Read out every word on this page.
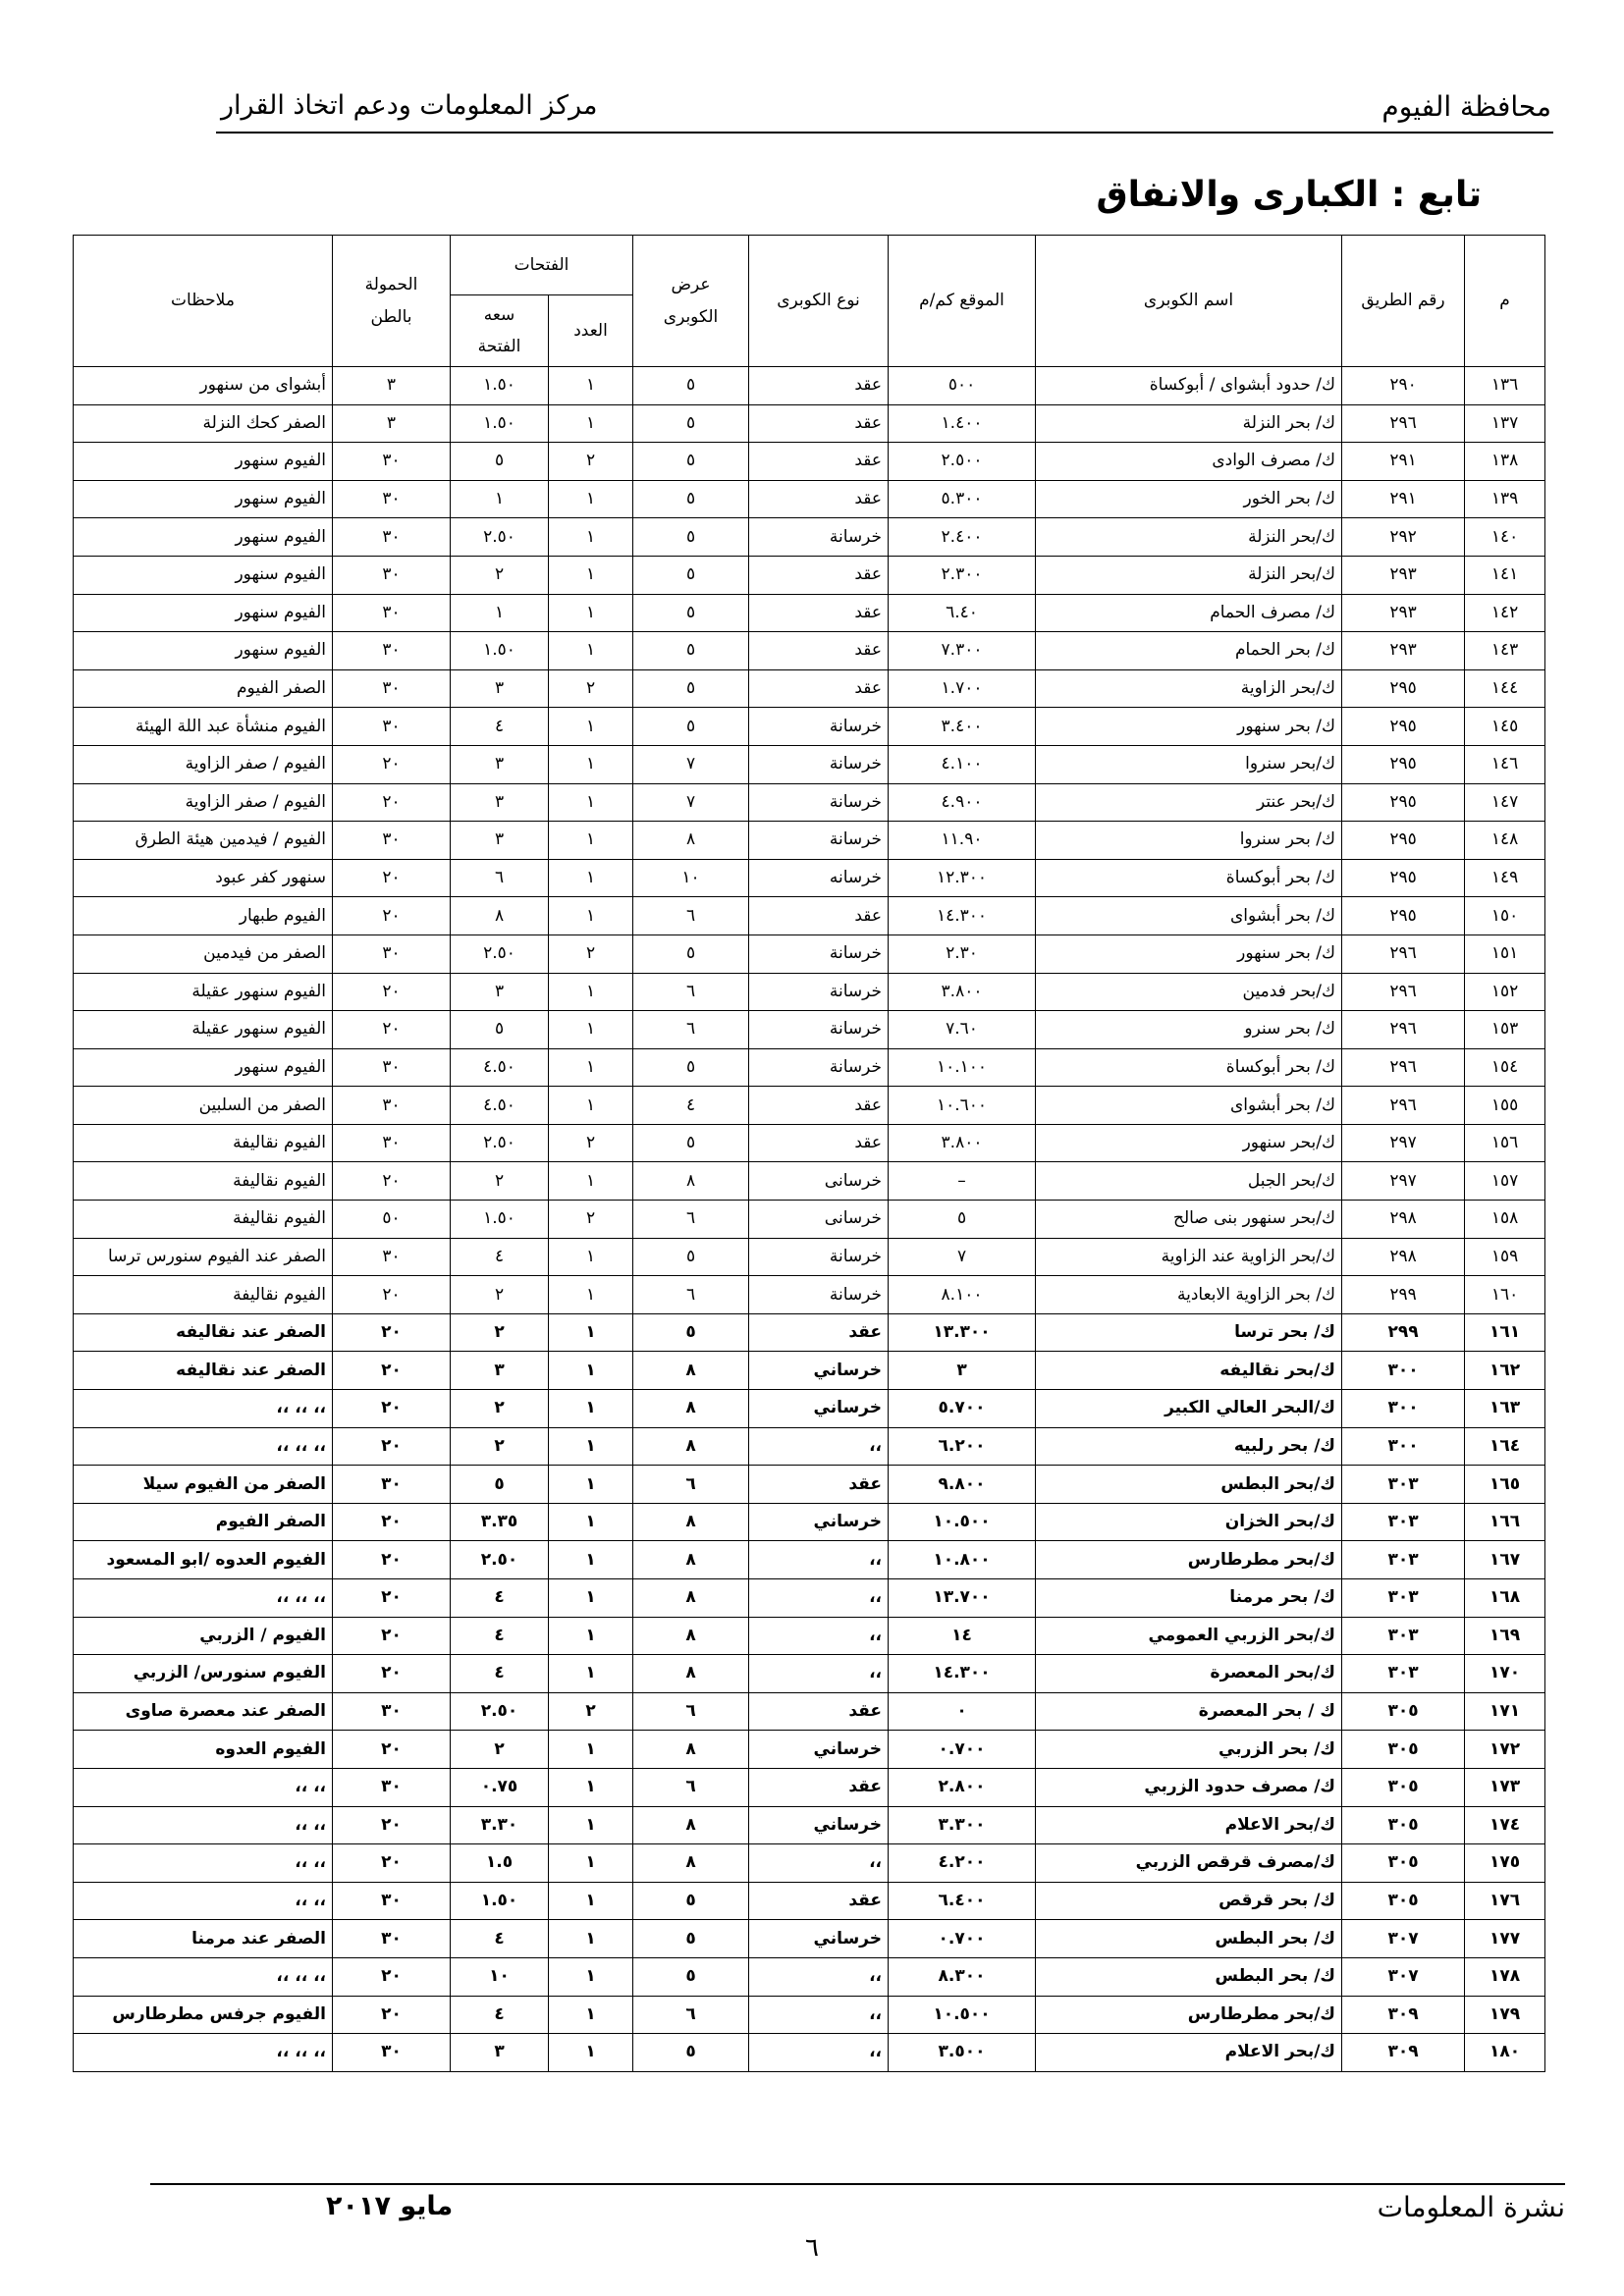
مركز المعلومات ودعم اتخاذ القرار	محافظة الفيوم
تابع : الكبارى والانفاق
م	رقم الطريق	اسم الكوبرى	الموقع كم/م	نوع الكوبرى	عرض الكوبرى	الفتحات		الحمولة بالطن	ملاحظات
						العدد	سعه الفتحة		

١٣٦	٢٩٠	ك/ حدود أبشواى / أبوكساة	٥٠٠	عقد	٥	١	١.٥٠	٣	أبشواى من سنهور
١٣٧	٢٩٦	ك/ بحر النزلة	١.٤٠٠	عقد	٥	١	١.٥٠	٣	الصفر كحك النزلة
١٣٨	٢٩١	ك/ مصرف الوادى	٢.٥٠٠	عقد	٥	٢	٥	٣٠	الفيوم سنهور
١٣٩	٢٩١	ك/ بحر الخور	٥.٣٠٠	عقد	٥	١	١	٣٠	الفيوم سنهور
١٤٠	٢٩٢	ك/بحر النزلة	٢.٤٠٠	خرسانة	٥	١	٢.٥٠	٣٠	الفيوم سنهور
١٤١	٢٩٣	ك/بحر النزلة	٢.٣٠٠	عقد	٥	١	٢	٣٠	الفيوم سنهور
١٤٢	٢٩٣	ك/ مصرف الحمام	٦.٤٠	عقد	٥	١	١	٣٠	الفيوم سنهور
١٤٣	٢٩٣	ك/ بحر الحمام	٧.٣٠٠	عقد	٥	١	١.٥٠	٣٠	الفيوم سنهور
١٤٤	٢٩٥	ك/بحر الزاوية	١.٧٠٠	عقد	٥	٢	٣	٣٠	الصفر الفيوم
١٤٥	٢٩٥	ك/ بحر سنهور	٣.٤٠٠	خرسانة	٥	١	٤	٣٠	الفيوم منشأة عبد اللة الهيئة
١٤٦	٢٩٥	ك/بحر سنروا	٤.١٠٠	خرسانة	٧	١	٣	٢٠	الفيوم / صفر الزاوية
١٤٧	٢٩٥	ك/بحر عنتر	٤.٩٠٠	خرسانة	٧	١	٣	٢٠	الفيوم / صفر الزاوية
١٤٨	٢٩٥	ك/ بحر سنروا	١١.٩٠	خرسانة	٨	١	٣	٣٠	الفيوم / فيدمين هيئة الطرق
١٤٩	٢٩٥	ك/ بحر أبوكساة	١٢.٣٠٠	خرسانه	١٠	١	٦	٢٠	سنهور كفر عبود
١٥٠	٢٩٥	ك/ بحر أبشواى	١٤.٣٠٠	عقد	٦	١	٨	٢٠	الفيوم طبهار
١٥١	٢٩٦	ك/ بحر سنهور	٢.٣٠	خرسانة	٥	٢	٢.٥٠	٣٠	الصفر من فيدمين
١٥٢	٢٩٦	ك/بحر فدمين	٣.٨٠٠	خرسانة	٦	١	٣	٢٠	الفيوم سنهور عقيلة
١٥٣	٢٩٦	ك/ بحر سنرو	٧.٦٠	خرسانة	٦	١	٥	٢٠	الفيوم سنهور عقيلة
١٥٤	٢٩٦	ك/ بحر أبوكساة	١٠.١٠٠	خرسانة	٥	١	٤.٥٠	٣٠	الفيوم سنهور
١٥٥	٢٩٦	ك/ بحر أبشواى	١٠.٦٠٠	عقد	٤	١	٤.٥٠	٣٠	الصفر من السلبين
١٥٦	٢٩٧	ك/بحر سنهور	٣.٨٠٠	عقد	٥	٢	٢.٥٠	٣٠	الفيوم نقاليفة
١٥٧	٢٩٧	ك/بحر الجبل	–	خرسانى	٨	١	٢	٢٠	الفيوم نقاليفة
١٥٨	٢٩٨	ك/بحر سنهور بنى صالح	٥	خرسانى	٦	٢	١.٥٠	٥٠	الفيوم نقاليفة
١٥٩	٢٩٨	ك/بحر الزاوية عند الزاوية	٧	خرسانة	٥	١	٤	٣٠	الصفر عند الفيوم سنورس ترسا
١٦٠	٢٩٩	ك/ بحر الزاوية الابعادية	٨.١٠٠	خرسانة	٦	١	٢	٢٠	الفيوم نقاليفة
١٦١	٢٩٩	ك/ بحر ترسا	١٣.٣٠٠	عقد	٥	١	٢	٢٠	الصفر عند نقاليفه
١٦٢	٣٠٠	ك/بحر نقاليفه	٣	خرساني	٨	١	٣	٢٠	الصفر عند نقاليفه
١٦٣	٣٠٠	ك/البحر العالي الكبير	٥.٧٠٠	خرساني	٨	١	٢	٢٠	،، ،، ،،
١٦٤	٣٠٠	ك/ بحر رلبيه	٦.٢٠٠	،،	٨	١	٢	٢٠	،، ،، ،،
١٦٥	٣٠٣	ك/بحر البطس	٩.٨٠٠	عقد	٦	١	٥	٣٠	الصفر من الفيوم سيلا
١٦٦	٣٠٣	ك/بحر الخزان	١٠.٥٠٠	خرساني	٨	١	٣.٣٥	٢٠	الصفر الفيوم
١٦٧	٣٠٣	ك/بحر مطرطارس	١٠.٨٠٠	،،	٨	١	٢.٥٠	٢٠	الفيوم العدوه /ابو المسعود
١٦٨	٣٠٣	ك/ بحر مرمنا	١٣.٧٠٠	،،	٨	١	٤	٢٠	،، ،، ،،
١٦٩	٣٠٣	ك/بحر الزربي العمومي	١٤	،،	٨	١	٤	٢٠	الفيوم / الزربي
١٧٠	٣٠٣	ك/بحر المعصرة	١٤.٣٠٠	،،	٨	١	٤	٢٠	الفيوم سنورس/ الزربي
١٧١	٣٠٥	ك / بحر المعصرة	٠	عقد	٦	٢	٢.٥٠	٣٠	الصفر عند معصرة صاوى
١٧٢	٣٠٥	ك/ بحر الزربي	٠.٧٠٠	خرساني	٨	١	٢	٢٠	الفيوم العدوه
١٧٣	٣٠٥	ك/ مصرف حدود الزربي	٢.٨٠٠	عقد	٦	١	٠.٧٥	٣٠	،، ،،
١٧٤	٣٠٥	ك/بحر الاعلام	٣.٣٠٠	خرساني	٨	١	٣.٣٠	٢٠	،، ،،
١٧٥	٣٠٥	ك/مصرف قرقص الزربي	٤.٢٠٠	،،	٨	١	١.٥	٢٠	،، ،،
١٧٦	٣٠٥	ك/ بحر قرقص	٦.٤٠٠	عقد	٥	١	١.٥٠	٣٠	،، ،،
١٧٧	٣٠٧	ك/ بحر البطس	٠.٧٠٠	خرساني	٥	١	٤	٣٠	الصفر عند مرمنا
١٧٨	٣٠٧	ك/ بحر البطس	٨.٣٠٠	،،	٥	١	١٠	٢٠	،، ،، ،،
١٧٩	٣٠٩	ك/بحر مطرطارس	١٠.٥٠٠	،،	٦	١	٤	٢٠	الفيوم جرفس مطرطارس
١٨٠	٣٠٩	ك/بحر الاعلام	٣.٥٠٠	،،	٥	١	٣	٣٠	،، ،، ،،
مايو ٢٠١٧	نشرة المعلومات
٦
